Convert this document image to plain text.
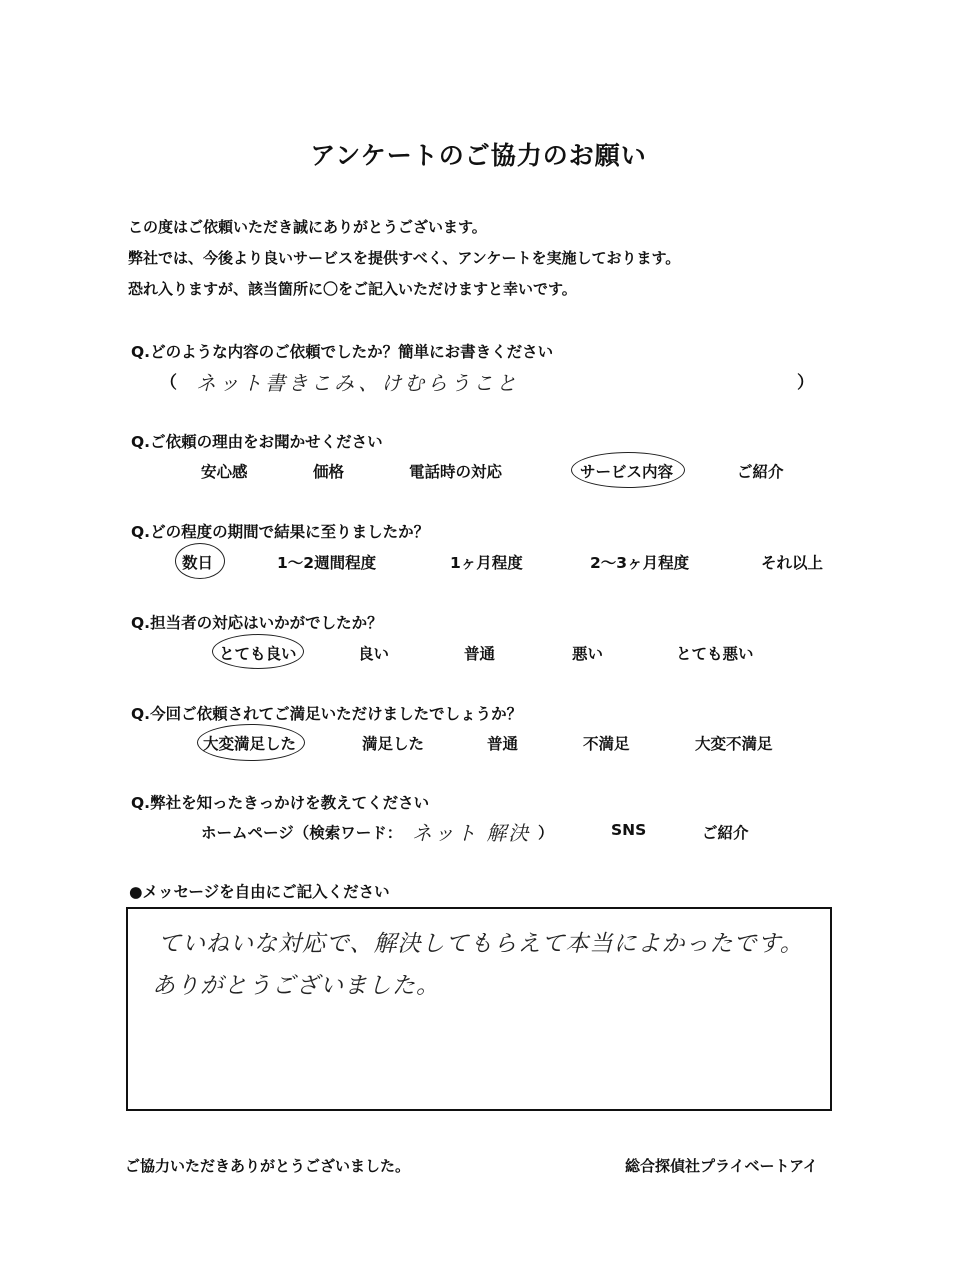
アンケートのご協力のお願い
この度はご依頼いただき誠にありがとうございます。
弊社では、今後より良いサービスを提供すべく、アンケートを実施しております。
恐れ入りますが、該当箇所に〇をご記入いただけますと幸いです。
Q.どのような内容のご依頼でしたか？簡単にお書きください
（ ネット書きこみ、けむらうこと	）
Q.ご依頼の理由をお聞かせください
安心感	価格	電話時の対応	サービス内容	ご紹介
Q.どの程度の期間で結果に至りましたか？
数日	1～2週間程度	1ヶ月程度	2～3ヶ月程度	それ以上
Q.担当者の対応はいかがでしたか？
とても良い	良い	普通	悪い	とても悪い
Q.今回ご依頼されてご満足いただけましたでしょうか？
大変満足した	満足した	普通	不満足	大変不満足
Q.弊社を知ったきっかけを教えてください
ホームページ（検索ワード： ネット 解決 ）	SNS	ご紹介
●メッセージを自由にご記入ください
ていねいな対応で、解決してもらえて本当によかったです。
ありがとうございました。
ご協力いただきありがとうございました。	総合探偵社プライベートアイ
